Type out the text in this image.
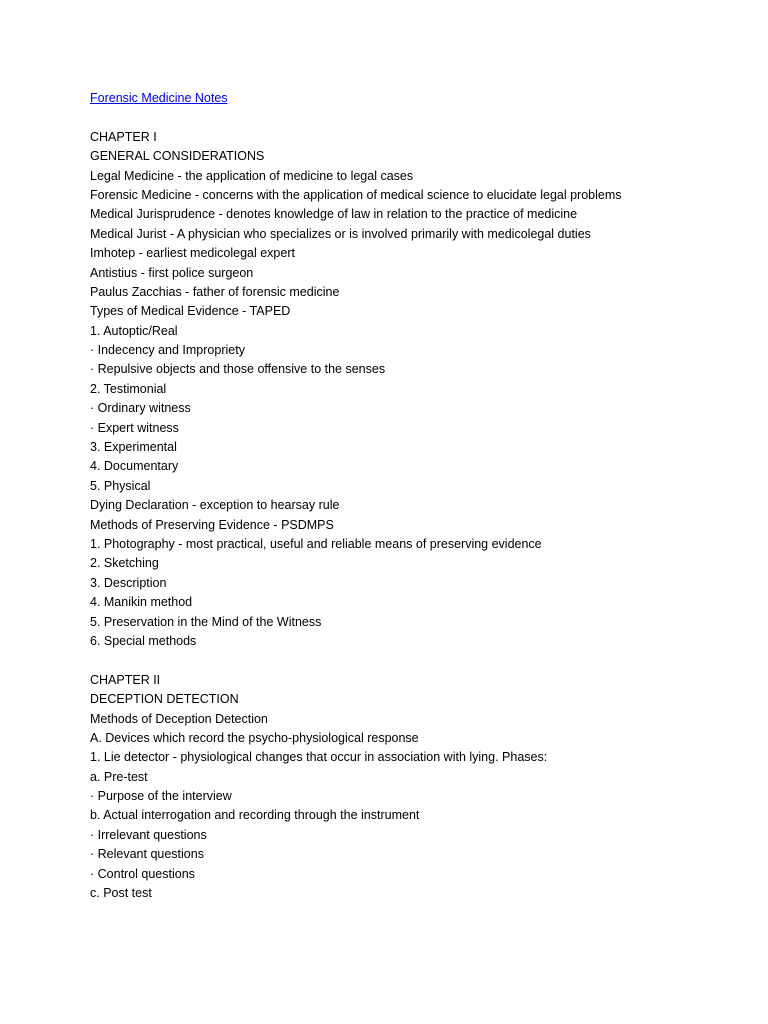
Forensic Medicine Notes
CHAPTER I
GENERAL CONSIDERATIONS
Legal Medicine - the application of medicine to legal cases
Forensic Medicine - concerns with the application of medical science to elucidate legal problems
Medical Jurisprudence - denotes knowledge of law in relation to the practice of medicine
Medical Jurist - A physician who specializes or is involved primarily with medicolegal duties
Imhotep - earliest medicolegal expert
Antistius - first police surgeon
Paulus Zacchias - father of forensic medicine
Types of Medical Evidence - TAPED
1. Autoptic/Real
· Indecency and Impropriety
· Repulsive objects and those offensive to the senses
2. Testimonial
· Ordinary witness
· Expert witness
3. Experimental
4. Documentary
5. Physical
Dying Declaration - exception to hearsay rule
Methods of Preserving Evidence - PSDMPS
1. Photography - most practical, useful and reliable means of preserving evidence
2. Sketching
3. Description
4. Manikin method
5. Preservation in the Mind of the Witness
6. Special methods
CHAPTER II
DECEPTION DETECTION
Methods of Deception Detection
A. Devices which record the psycho-physiological response
1. Lie detector - physiological changes that occur in association with lying. Phases:
a. Pre-test
· Purpose of the interview
b. Actual interrogation and recording through the instrument
· Irrelevant questions
· Relevant questions
· Control questions
c. Post test
